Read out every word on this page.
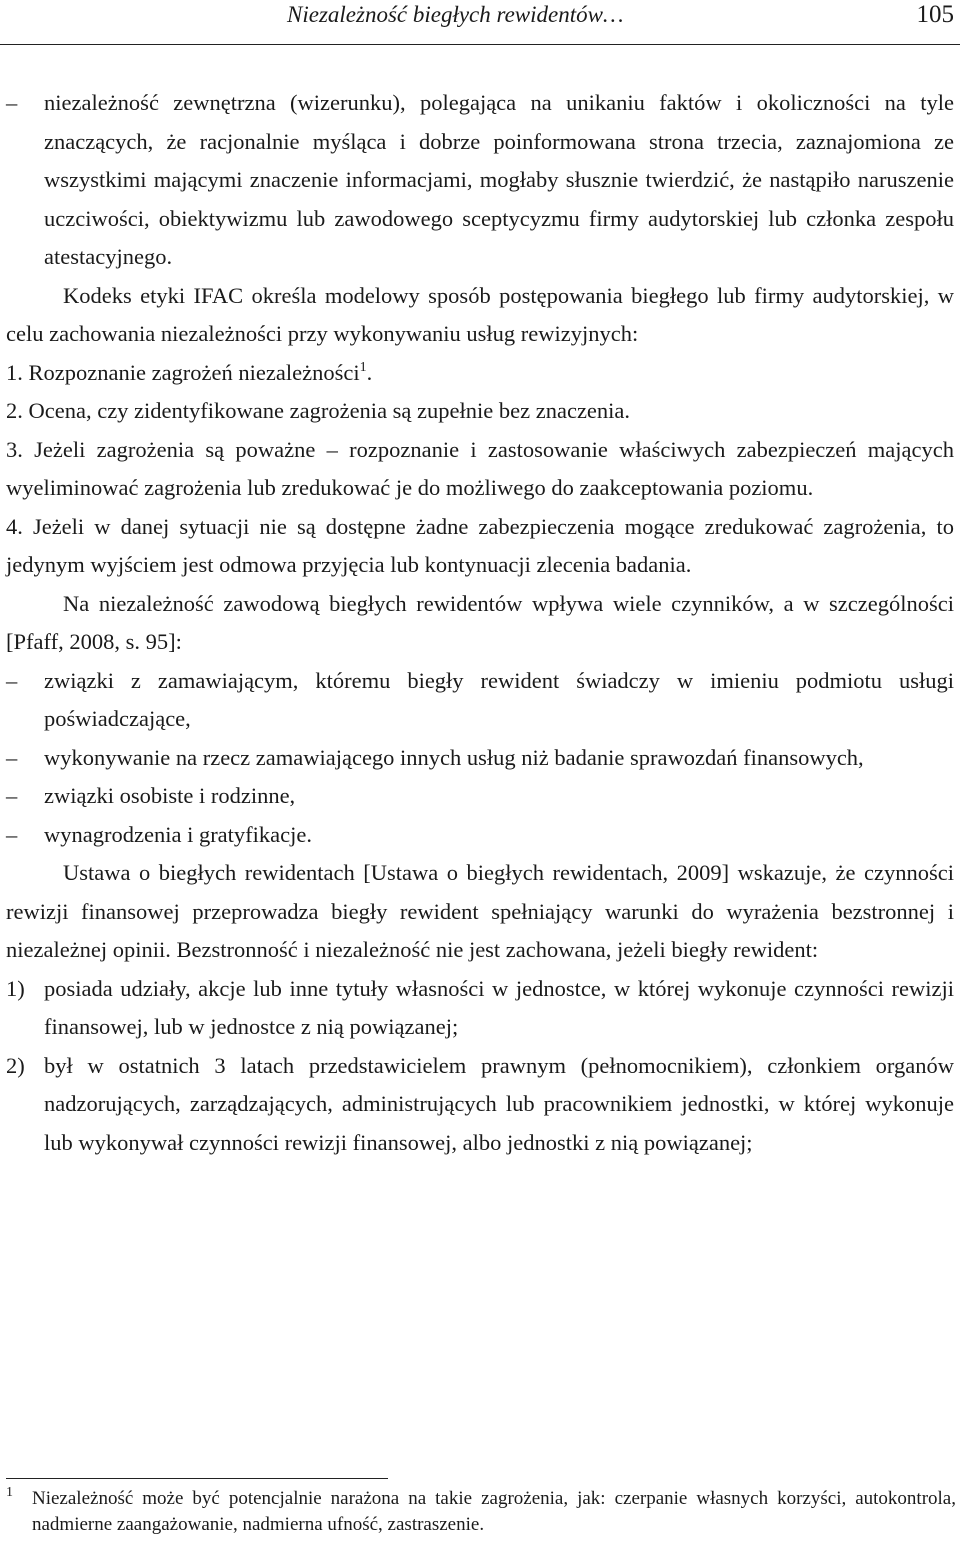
Niezależność biegłych rewidentów…	105
– niezależność zewnętrzna (wizerunku), polegająca na unikaniu faktów i okoliczności na tyle znaczących, że racjonalnie myśląca i dobrze poinformowana strona trzecia, zaznajomiona ze wszystkimi mającymi znaczenie informacjami, mogłaby słusznie twierdzić, że nastąpiło naruszenie uczciwości, obiektywizmu lub zawodowego sceptycyzmu firmy audytorskiej lub członka zespołu atestacyjnego.
Kodeks etyki IFAC określa modelowy sposób postępowania biegłego lub firmy audytorskiej, w celu zachowania niezależności przy wykonywaniu usług rewizyjnych:
1. Rozpoznanie zagrożeń niezależności$^1$.
2. Ocena, czy zidentyfikowane zagrożenia są zupełnie bez znaczenia.
3. Jeżeli zagrożenia są poważne – rozpoznanie i zastosowanie właściwych zabezpieczeń mających wyeliminować zagrożenia lub zredukować je do możliwego do zaakceptowania poziomu.
4. Jeżeli w danej sytuacji nie są dostępne żadne zabezpieczenia mogące zredukować zagrożenia, to jedynym wyjściem jest odmowa przyjęcia lub kontynuacji zlecenia badania.
Na niezależność zawodową biegłych rewidentów wpływa wiele czynników, a w szczególności [Pfaff, 2008, s. 95]:
– związki z zamawiającym, któremu biegły rewident świadczy w imieniu podmiotu usługi poświadczające,
– wykonywanie na rzecz zamawiającego innych usług niż badanie sprawozdań finansowych,
– związki osobiste i rodzinne,
– wynagrodzenia i gratyfikacje.
Ustawa o biegłych rewidentach [Ustawa o biegłych rewidentach, 2009] wskazuje, że czynności rewizji finansowej przeprowadza biegły rewident spełniający warunki do wyrażenia bezstronnej i niezależnej opinii. Bezstronność i niezależność nie jest zachowana, jeżeli biegły rewident:
1) posiada udziały, akcje lub inne tytuły własności w jednostce, w której wykonuje czynności rewizji finansowej, lub w jednostce z nią powiązanej;
2) był w ostatnich 3 latach przedstawicielem prawnym (pełnomocnikiem), członkiem organów nadzorujących, zarządzających, administrujących lub pracownikiem jednostki, w której wykonuje lub wykonywał czynności rewizji finansowej, albo jednostki z nią powiązanej;
1	Niezależność może być potencjalnie narażona na takie zagrożenia, jak: czerpanie własnych korzyści, autokontrola, nadmierne zaangażowanie, nadmierna ufność, zastraszenie.
